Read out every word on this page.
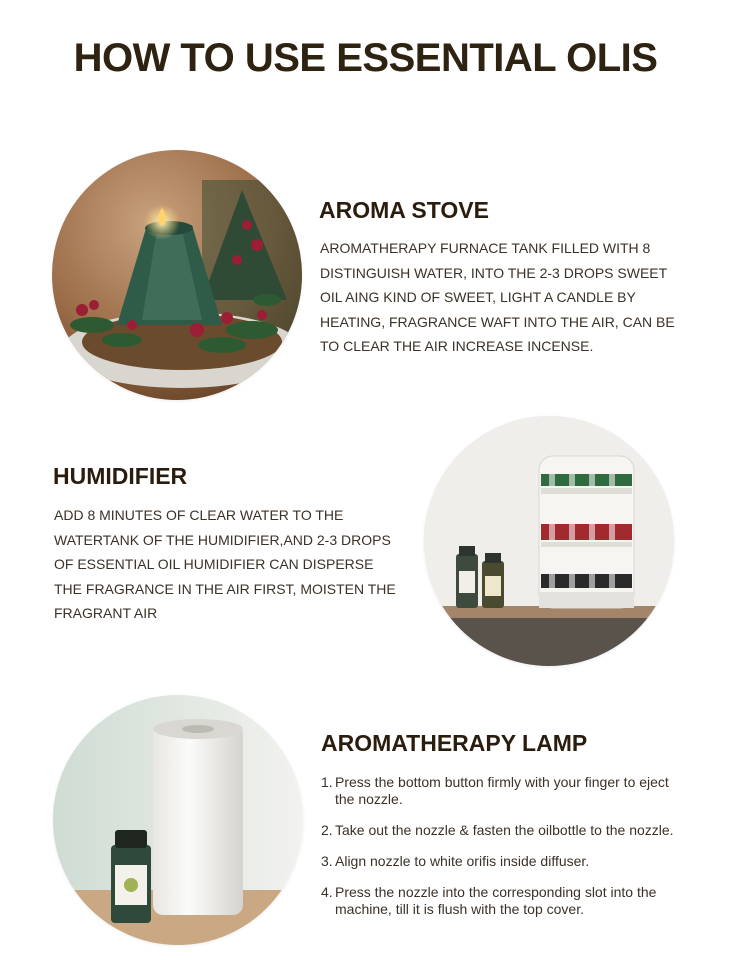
HOW TO USE ESSENTIAL OLIS
AROMA STOVE

AROMATHERAPY FURNACE TANK FILLED WITH 8 DISTINGUISH WATER, INTO THE 2-3 DROPS SWEET OIL AING KIND OF SWEET, LIGHT A CANDLE BY HEATING, FRAGRANCE WAFT INTO THE AIR, CAN BE TO CLEAR THE AIR INCREASE INCENSE.

HUMIDIFIER

ADD 8 MINUTES OF CLEAR WATER TO THE WATERTANK OF THE HUMIDIFIER,AND 2-3 DROPS OF ESSENTIAL OIL HUMIDIFIER CAN DISPERSE THE FRAGRANCE IN THE AIR FIRST, MOISTEN THE FRAGRANT AIR

AROMATHERAPY LAMP
1. Press the bottom button firmly with your finger to eject the nozzle.
2. Take out the nozzle & fasten the oilbottle to the nozzle.
3. Align nozzle to white orifis inside diffuser.
4. Press the nozzle into the corresponding slot into the machine, till it is flush with the top cover.
